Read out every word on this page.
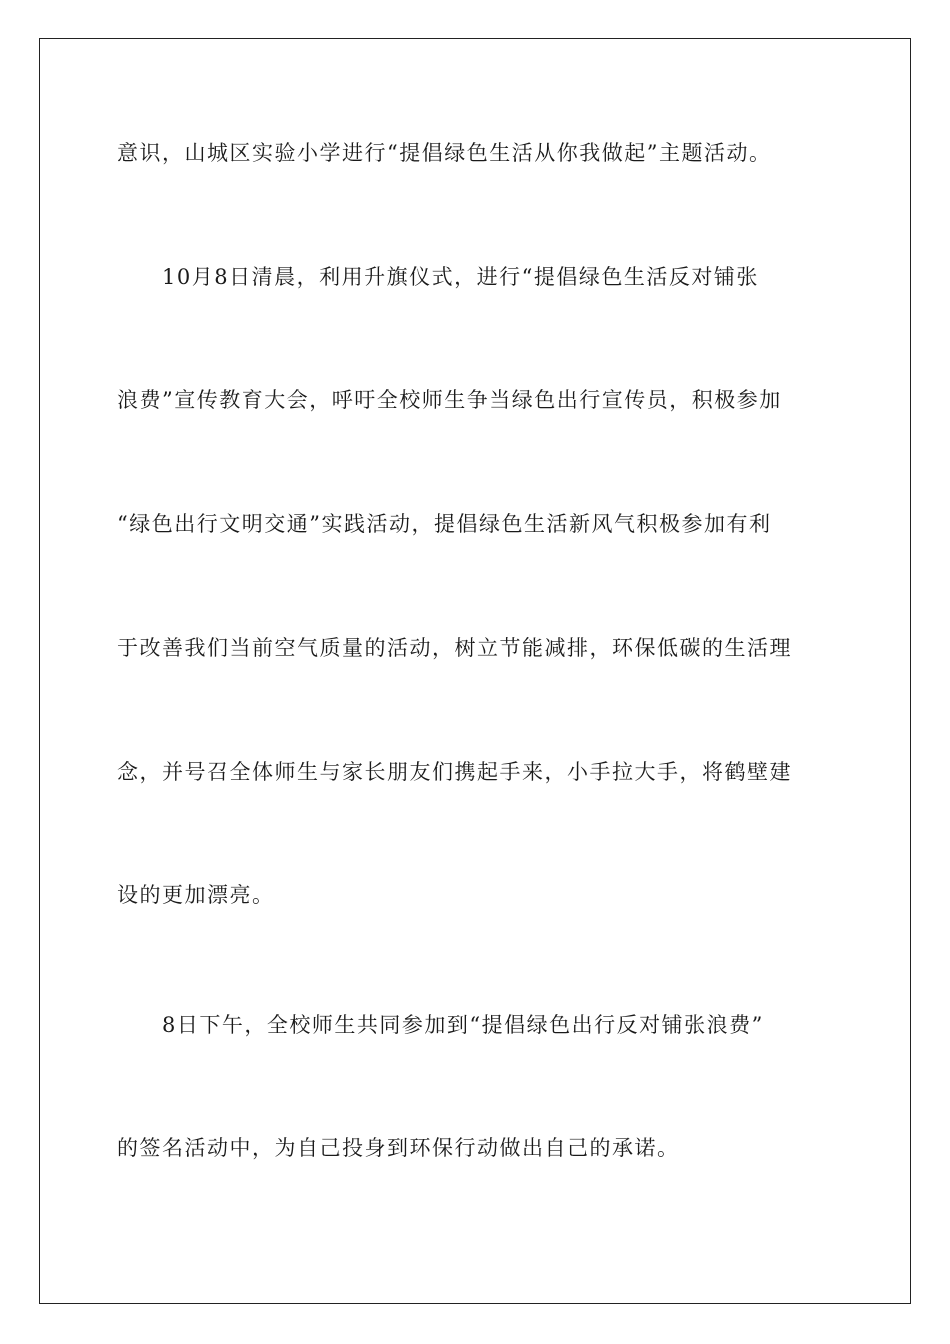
意识，山城区实验小学进行“提倡绿色生活从你我做起”主题活动。
10月8日清晨，利用升旗仪式，进行“提倡绿色生活反对铺张
浪费”宣传教育大会，呼吁全校师生争当绿色出行宣传员，积极参加
“绿色出行文明交通”实践活动，提倡绿色生活新风气积极参加有利
于改善我们当前空气质量的活动，树立节能减排，环保低碳的生活理
念，并号召全体师生与家长朋友们携起手来，小手拉大手，将鹤壁建
设的更加漂亮。
8日下午，全校师生共同参加到“提倡绿色出行反对铺张浪费”
的签名活动中，为自己投身到环保行动做出自己的承诺。
